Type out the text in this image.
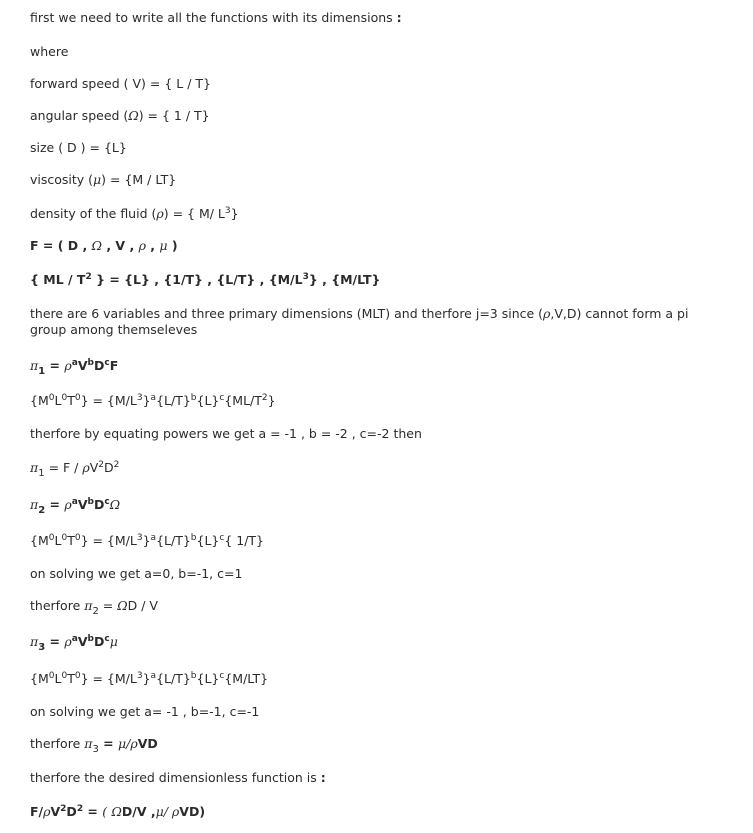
first we need to write all the functions with its dimensions :
where
forward speed ( V) = { L / T}
angular speed (Ω) = { 1 / T}
size ( D ) = {L}
viscosity (μ) = {M / LT}
density of the fluid (ρ) = { M/ $L^3$}
F = ( D , Ω , V , ρ , μ )
{ ML / $T^2$ } = {L} , {1/T} , {L/T} , $\{M/L^3\}$ , {M/LT}
there are 6 variables and three primary dimensions (MLT) and therfore j=3 since (ρ,V,D) cannot form a pi group among themseleves
$\pi_1 = \rho^aV^bD^cF$
$\{M^0L^0T^0\} = \{M/L^3\}^a\{L/T\}^b\{L\}^c\{ML/T^2\}$
therfore by equating powers we get a = -1 , b = -2 , c=-2 then
$\pi_1 = F / \rho V^2D^2$
$\pi_2 = \rho^aV^bD^c\Omega$
$\{M^0L^0T^0\} = \{M/L^3\}^a\{L/T\}^b\{L\}^c${ 1/T}
on solving we get a=0, b=-1, c=1
therfore $\pi_2 = \Omega D / V$
$\pi_3 = \rho^aV^bD^c\mu$
$\{M^0L^0T^0\} = \{M/L^3\}^a\{L/T\}^b\{L\}^c\{M/LT\}$
on solving we get a= -1 , b=-1, c=-1
therfore $\pi_3 = \mu/\rho VD$
therfore the desired dimensionless function is :
$F/\rho V^2D^2$ = ( ΩD/V ,μ/ ρVD)
